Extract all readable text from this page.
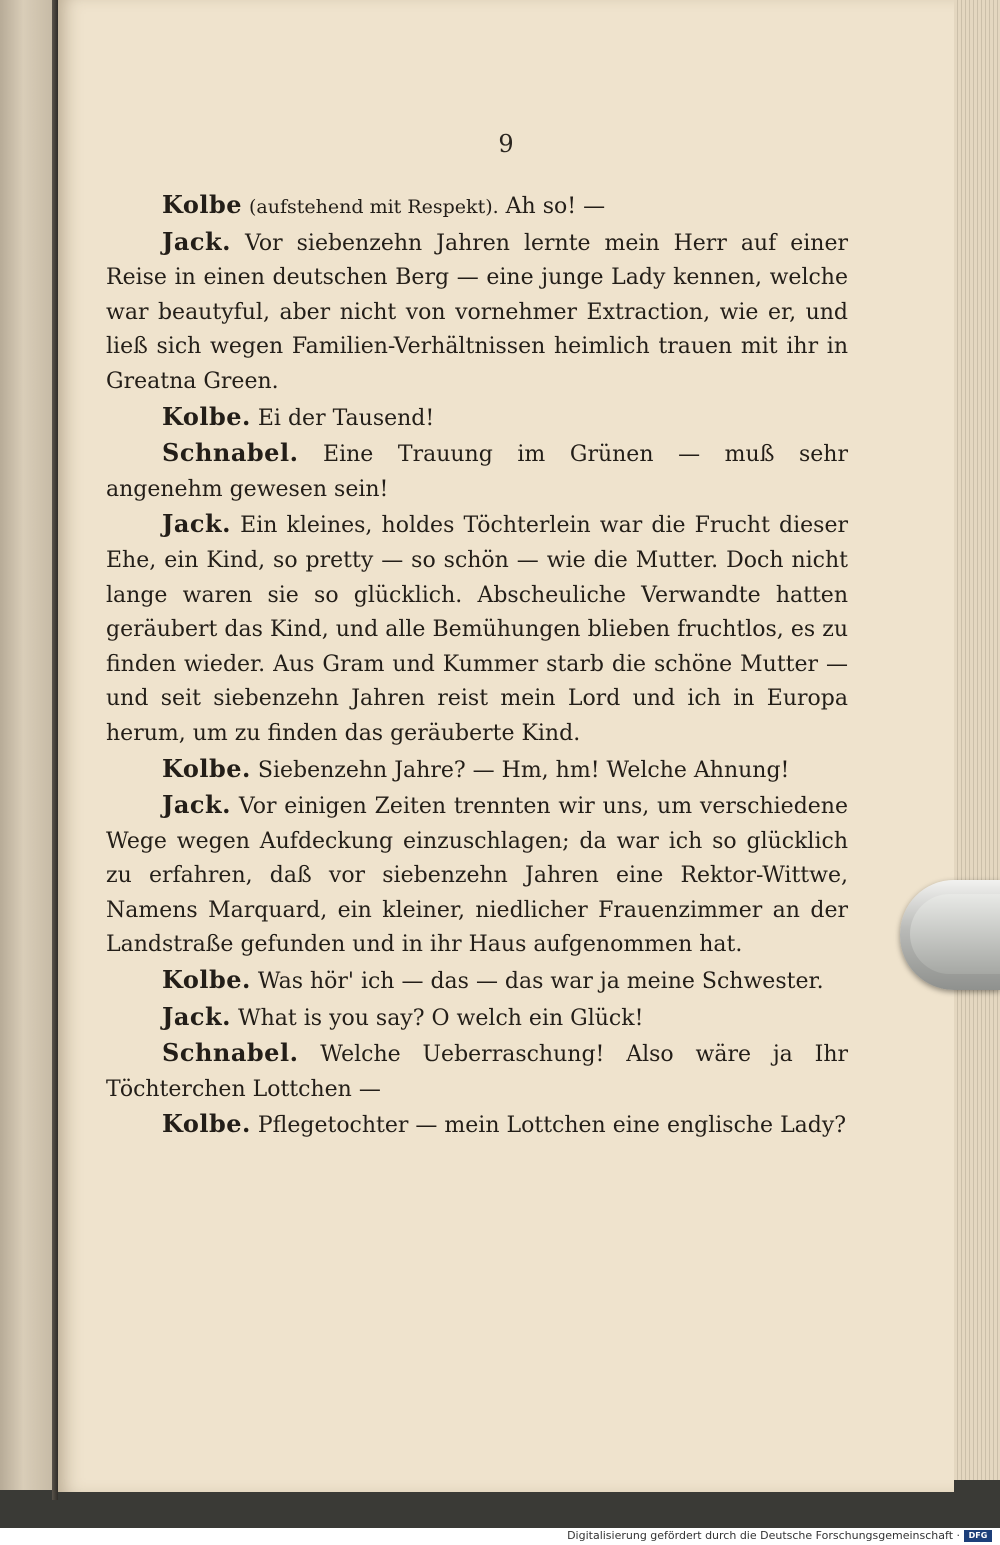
9

Kolbe (aufstehend mit Respekt). Ah so! —

Jack. Vor siebenzehn Jahren lernte mein Herr auf einer Reise in einen deutschen Berg — eine junge Lady kennen, welche war beautyful, aber nicht von vornehmer Extraction, wie er, und ließ sich wegen Familien-Verhältnissen heimlich trauen mit ihr in Greatna Green.

Kolbe. Ei der Tausend!

Schnabel. Eine Trauung im Grünen — muß sehr angenehm gewesen sein!

Jack. Ein kleines, holdes Töchterlein war die Frucht dieser Ehe, ein Kind, so pretty — so schön — wie die Mutter. Doch nicht lange waren sie so glücklich. Abscheuliche Verwandte hatten geräubert das Kind, und alle Bemühungen blieben fruchtlos, es zu finden wieder. Aus Gram und Kummer starb die schöne Mutter — und seit siebenzehn Jahren reist mein Lord und ich in Europa herum, um zu finden das geräuberte Kind.

Kolbe. Siebenzehn Jahre? — Hm, hm! Welche Ahnung!

Jack. Vor einigen Zeiten trennten wir uns, um verschiedene Wege wegen Aufdeckung einzuschlagen; da war ich so glücklich zu erfahren, daß vor siebenzehn Jahren eine Rektor-Wittwe, Namens Marquard, ein kleiner, niedlicher Frauenzimmer an der Landstraße gefunden und in ihr Haus aufgenommen hat.

Kolbe. Was hör' ich — das — das war ja meine Schwester.

Jack. What is you say? O welch ein Glück!

Schnabel. Welche Ueberraschung! Also wäre ja Ihr Töchterchen Lottchen —

Kolbe. Pflegetochter — mein Lottchen eine englische Lady?

Digitalisierung gefördert durch die Deutsche Forschungsgemeinschaft ·	DFG
